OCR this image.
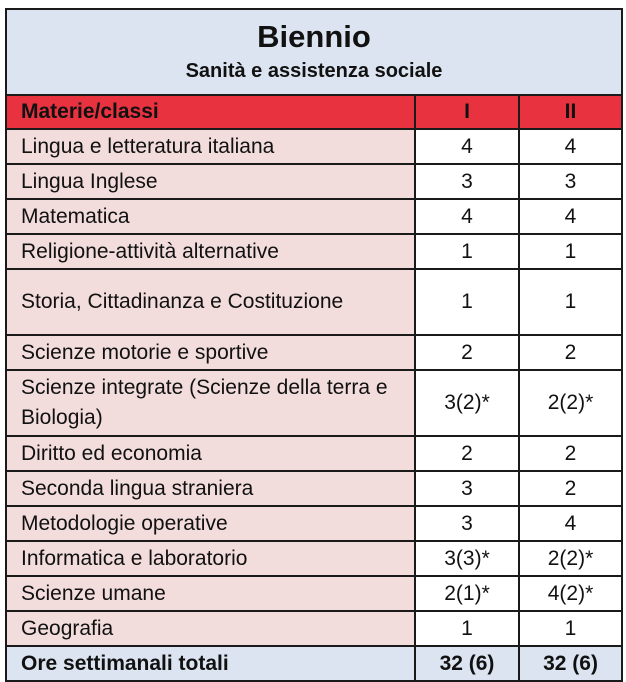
Biennio
Sanità e assistenza sociale		

Materie/classi	I	II
Lingua e letteratura italiana	4	4
Lingua Inglese	3	3
Matematica	4	4
Religione-attività alternative	1	1
Storia, Cittadinanza e Costituzione	1	1
Scienze motorie e sportive	2	2
Scienze integrate (Scienze della terra e Biologia)	3(2)*	2(2)*
Diritto ed economia	2	2
Seconda lingua straniera	3	2
Metodologie operative	3	4
Informatica e laboratorio	3(3)*	2(2)*
Scienze umane	2(1)*	4(2)*
Geografia	1	1
Ore settimanali totali	32 (6)	32 (6)
